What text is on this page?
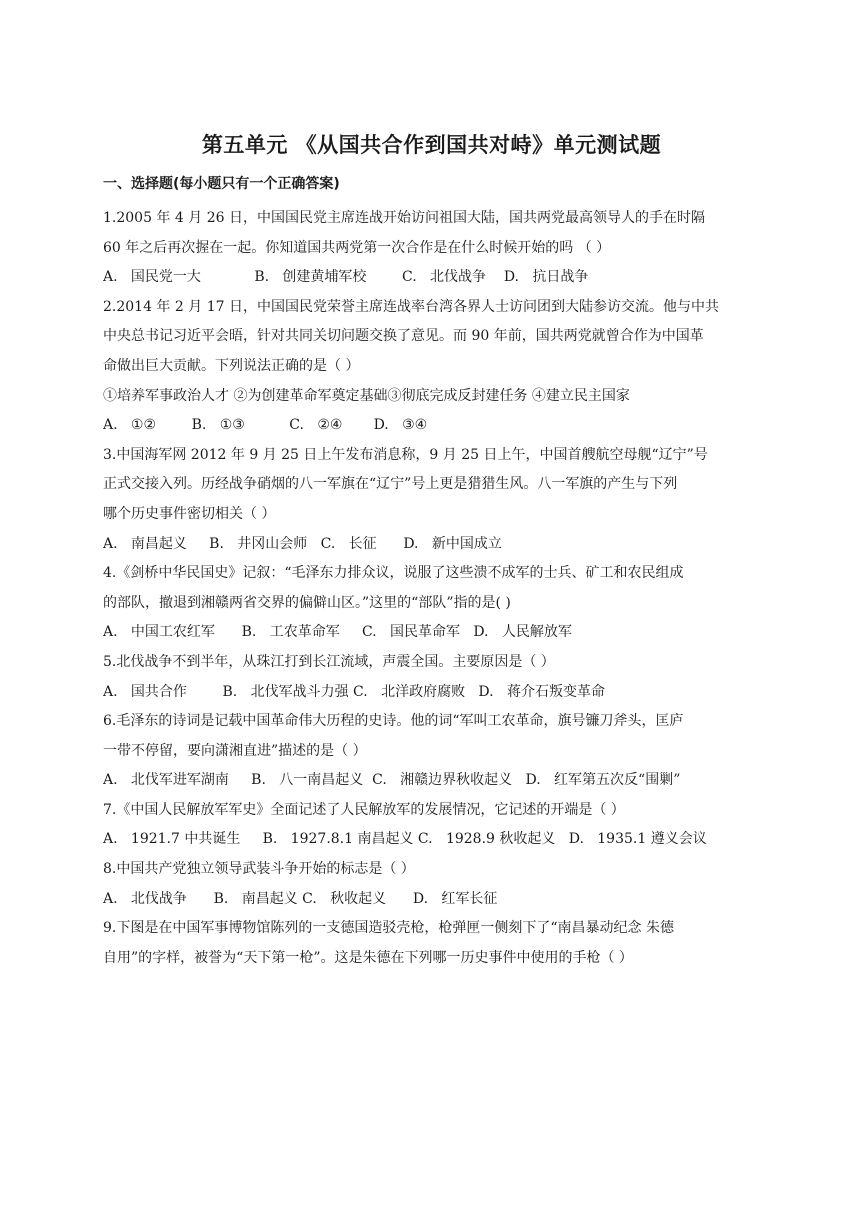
第五单元 《从国共合作到国共对峙》单元测试题
一、选择题(每小题只有一个正确答案)
1.2005 年 4 月 26 日，中国国民党主席连战开始访问祖国大陆，国共两党最高领导人的手在时隔
60 年之后再次握在一起。你知道国共两党第一次合作是在什么时候开始的吗 （ ）
A.   国民党一大            B.   创建黄埔军校        C.   北伐战争    D.   抗日战争
2.2014 年 2 月 17 日，中国国民党荣誉主席连战率台湾各界人士访问团到大陆参访交流。他与中共
中央总书记习近平会晤，针对共同关切问题交换了意见。而 90 年前，国共两党就曾合作为中国革
命做出巨大贡献。下列说法正确的是（ ）
①培养军事政治人才 ②为创建革命军奠定基础③彻底完成反封建任务 ④建立民主国家
A.   ①②        B.   ①③          C.   ②④       D.   ③④
3.中国海军网 2012 年 9 月 25 日上午发布消息称，9 月 25 日上午，中国首艘航空母舰“辽宁”号
正式交接入列。历经战争硝烟的八一军旗在“辽宁”号上更是猎猎生风。八一军旗的产生与下列
哪个历史事件密切相关（ ）
A.   南昌起义     B.   井冈山会师   C.   长征      D.   新中国成立
4.《剑桥中华民国史》记叙：“毛泽东力排众议，说服了这些溃不成军的士兵、矿工和农民组成
的部队，撤退到湘赣两省交界的偏僻山区。”这里的“部队”指的是( )
A.   中国工农红军      B.   工农革命军     C.   国民革命军   D.   人民解放军
5.北伐战争不到半年，从珠江打到长江流域，声震全国。主要原因是（ ）
A.   国共合作        B.   北伐军战斗力强 C.   北洋政府腐败   D.   蒋介石叛变革命
6.毛泽东的诗词是记载中国革命伟大历程的史诗。他的词“军叫工农革命，旗号镰刀斧头，匡庐
一带不停留，要向潇湘直进”描述的是（ ）
A.   北伐军进军湖南     B.   八一南昌起义  C.   湘赣边界秋收起义   D.   红军第五次反“围剿”
7.《中国人民解放军军史》全面记述了人民解放军的发展情况，它记述的开端是（ ）
A.   1921.7 中共诞生     B.   1927.8.1 南昌起义 C.   1928.9 秋收起义   D.   1935.1 遵义会议
8.中国共产党独立领导武装斗争开始的标志是（ ）
A.   北伐战争      B.   南昌起义 C.   秋收起义      D.   红军长征
9.下图是在中国军事博物馆陈列的一支德国造驳壳枪，枪弹匣一侧刻下了“南昌暴动纪念 朱德
自用”的字样，被誉为“天下第一枪”。这是朱德在下列哪一历史事件中使用的手枪（ ）
